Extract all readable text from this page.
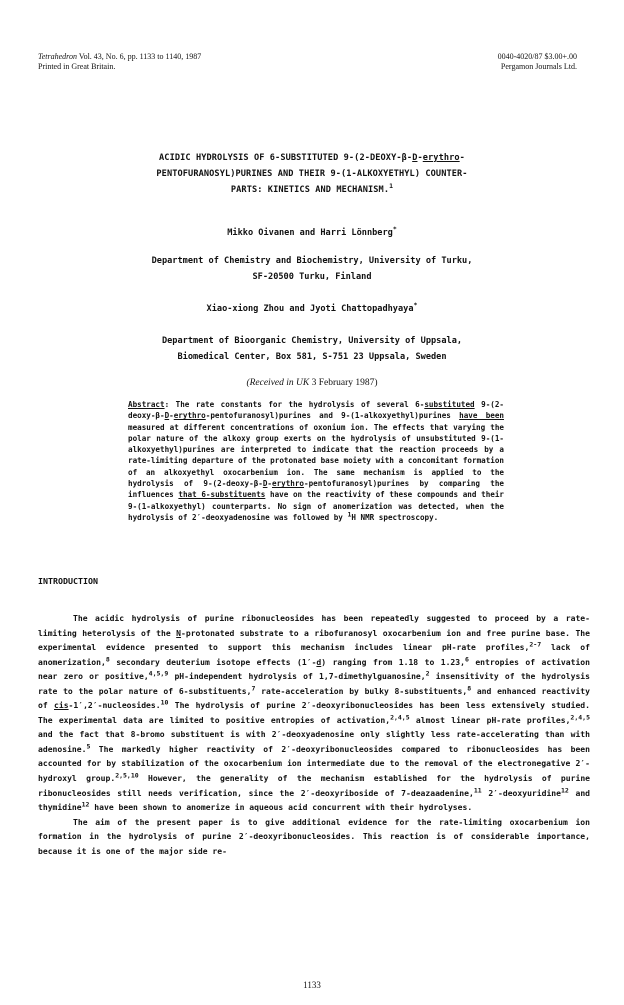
Tetrahedron Vol. 43, No. 6, pp. 1133 to 1140, 1987
Printed in Great Britain.
0040-4020/87 $3.00+.00
Pergamon Journals Ltd.
ACIDIC HYDROLYSIS OF 6-SUBSTITUTED 9-(2-DEOXY-β-D-erythro-
PENTOFURANOSYL)PURINES AND THEIR 9-(1-ALKOXYETHYL) COUNTER-
PARTS: KINETICS AND MECHANISM.$^1$
Mikko Oivanen and Harri Lönnberg*
Department of Chemistry and Biochemistry, University of Turku,
SF-20500 Turku, Finland
Xiao-xiong Zhou and Jyoti Chattopadhyaya*
Department of Bioorganic Chemistry, University of Uppsala,
Biomedical Center, Box 581, S-751 23 Uppsala, Sweden
(Received in UK 3 February 1987)
Abstract: The rate constants for the hydrolysis of several 6-substituted 9-(2-deoxy-β-D-erythro-pentofuranosyl)purines and 9-(1-alkoxyethyl)purines have been measured at different concentrations of oxonium ion. The effects that varying the polar nature of the alkoxy group exerts on the hydrolysis of unsubstituted 9-(1-alkoxyethyl)purines are interpreted to indicate that the reaction proceeds by a rate-limiting departure of the protonated base moiety with a concomitant formation of an alkoxyethyl oxocarbenium ion. The same mechanism is applied to the hydrolysis of 9-(2-deoxy-β-D-erythro-pentofuranosyl)purines by comparing the influences that 6-substituents have on the reactivity of these compounds and their 9-(1-alkoxyethyl) counterparts. No sign of anomerization was detected, when the hydrolysis of 2′-deoxyadenosine was followed by $^1$H NMR spectroscopy.
INTRODUCTION

The acidic hydrolysis of purine ribonucleosides has been repeatedly suggested to proceed by a rate-limiting heterolysis of the N-protonated substrate to a ribofuranosyl oxocarbenium ion and free purine base. The experimental evidence presented to support this mechanism includes linear pH-rate profiles,$^{2-7}$ lack of anomerization,$^8$ secondary deuterium isotope effects (1′-d) ranging from 1.18 to 1.23,$^6$ entropies of activation near zero or positive,$^{4,5,9}$ pH-independent hydrolysis of 1,7-dimethylguanosine,$^2$ insensitivity of the hydrolysis rate to the polar nature of 6-substituents,$^7$ rate-acceleration by bulky 8-substituents,$^8$ and enhanced reactivity of cis-1′,2′-nucleosides.$^{10}$ The hydrolysis of purine 2′-deoxyribonucleosides has been less extensively studied. The experimental data are limited to positive entropies of activation,$^{2,4,5}$ almost linear pH-rate profiles,$^{2,4,5}$ and the fact that 8-bromo substituent is with 2′-deoxyadenosine only slightly less rate-accelerating than with adenosine.$^5$ The markedly higher reactivity of 2′-deoxyribonucleosides compared to ribonucleosides has been accounted for by stabilization of the oxocarbenium ion intermediate due to the removal of the electronegative 2′-hydroxyl group.$^{2,5,10}$ However, the generality of the mechanism established for the hydrolysis of purine ribonucleosides still needs verification, since the 2′-deoxyriboside of 7-deazaadenine,$^{11}$ 2′-deoxyuridine$^{12}$ and thymidine$^{12}$ have been shown to anomerize in aqueous acid concurrent with their hydrolyses.

The aim of the present paper is to give additional evidence for the rate-limiting oxocarbenium ion formation in the hydrolysis of purine 2′-deoxyribonucleosides. This reaction is of considerable importance, because it is one of the major side re-

1133
